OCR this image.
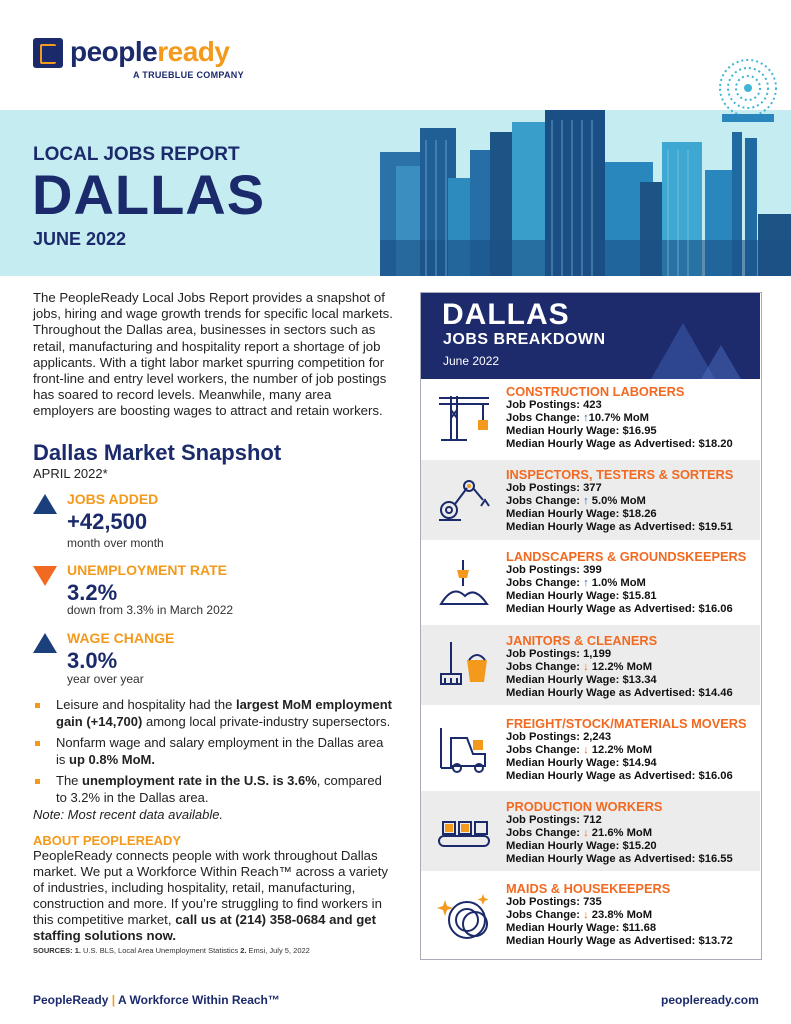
peopleready
A TRUEBLUE COMPANY
LOCAL JOBS REPORT
DALLAS
JUNE 2022
The PeopleReady Local Jobs Report provides a snapshot of jobs, hiring and wage growth trends for specific local markets. Throughout the Dallas area, businesses in sectors such as retail, manufacturing and hospitality report a shortage of job applicants. With a tight labor market spurring competition for front-line and entry level workers, the number of job postings has soared to record levels. Meanwhile, many area employers are boosting wages to attract and retain workers.
Dallas Market Snapshot
APRIL 2022*
JOBS ADDED
+42,500
month over month
UNEMPLOYMENT RATE
3.2%
down from 3.3% in March 2022
WAGE CHANGE
3.0%
year over year
Leisure and hospitality had the largest MoM employment gain (+14,700) among local private-industry supersectors.
Nonfarm wage and salary employment in the Dallas area is up 0.8% MoM.
The unemployment rate in the U.S. is 3.6%, compared to 3.2% in the Dallas area.
Note: Most recent data available.
ABOUT PEOPLEREADY
PeopleReady connects people with work throughout Dallas market. We put a Workforce Within Reach™ across a variety of industries, including hospitality, retail, manufacturing, construction and more. If you’re struggling to find workers in this competitive market, call us at (214) 358-0684 and get staffing solutions now.
SOURCES: 1. U.S. BLS, Local Area Unemployment Statistics 2. Emsi, July 5, 2022
PeopleReady | A Workforce Within Reach™	peopleready.com
DALLAS
JOBS BREAKDOWN
June 2022
CONSTRUCTION LABORERS
Job Postings: 423
Jobs Change: ↑10.7% MoM
Median Hourly Wage: $16.95
Median Hourly Wage as Advertised: $18.20
INSPECTORS, TESTERS & SORTERS
Job Postings: 377
Jobs Change: ↑ 5.0% MoM
Median Hourly Wage: $18.26
Median Hourly Wage as Advertised: $19.51
LANDSCAPERS & GROUNDSKEEPERS
Job Postings: 399
Jobs Change: ↑ 1.0% MoM
Median Hourly Wage: $15.81
Median Hourly Wage as Advertised: $16.06
JANITORS & CLEANERS
Job Postings: 1,199
Jobs Change: ↓ 12.2% MoM
Median Hourly Wage: $13.34
Median Hourly Wage as Advertised: $14.46
FREIGHT/STOCK/MATERIALS MOVERS
Job Postings: 2,243
Jobs Change: ↓ 12.2% MoM
Median Hourly Wage: $14.94
Median Hourly Wage as Advertised: $16.06
PRODUCTION WORKERS
Job Postings: 712
Jobs Change: ↓ 21.6% MoM
Median Hourly Wage: $15.20
Median Hourly Wage as Advertised: $16.55
MAIDS & HOUSEKEEPERS
Job Postings: 735
Jobs Change: ↓ 23.8% MoM
Median Hourly Wage: $11.68
Median Hourly Wage as Advertised: $13.72
